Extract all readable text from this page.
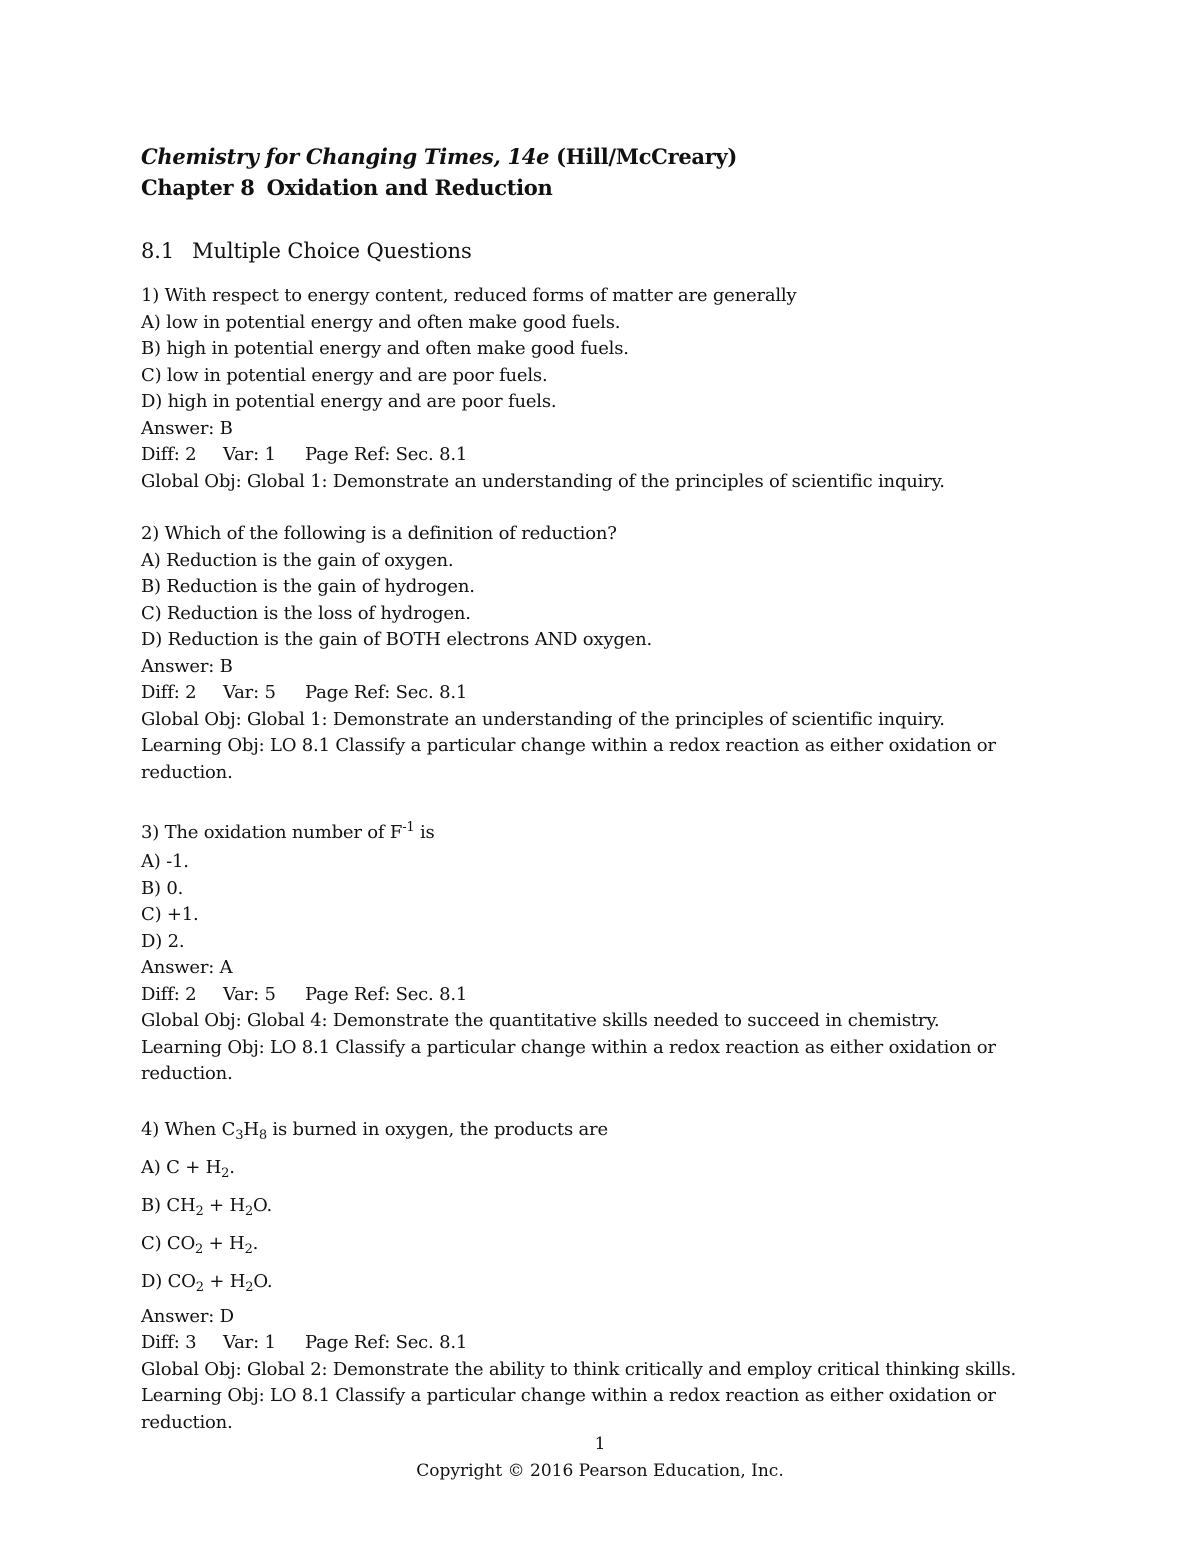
Chemistry for Changing Times, 14e (Hill/McCreary)
Chapter 8 Oxidation and Reduction
8.1 Multiple Choice Questions
1) With respect to energy content, reduced forms of matter are generally
A) low in potential energy and often make good fuels.
B) high in potential energy and often make good fuels.
C) low in potential energy and are poor fuels.
D) high in potential energy and are poor fuels.
Answer: B
Diff: 2 Var: 1 Page Ref: Sec. 8.1
Global Obj: Global 1: Demonstrate an understanding of the principles of scientific inquiry.
2) Which of the following is a definition of reduction?
A) Reduction is the gain of oxygen.
B) Reduction is the gain of hydrogen.
C) Reduction is the loss of hydrogen.
D) Reduction is the gain of BOTH electrons AND oxygen.
Answer: B
Diff: 2 Var: 5 Page Ref: Sec. 8.1
Global Obj: Global 1: Demonstrate an understanding of the principles of scientific inquiry.
Learning Obj: LO 8.1 Classify a particular change within a redox reaction as either oxidation or reduction.
3) The oxidation number of $F^{-1}$ is
A) -1.
B) 0.
C) +1.
D) 2.
Answer: A
Diff: 2 Var: 5 Page Ref: Sec. 8.1
Global Obj: Global 4: Demonstrate the quantitative skills needed to succeed in chemistry.
Learning Obj: LO 8.1 Classify a particular change within a redox reaction as either oxidation or reduction.
4) When $C_3H_8$ is burned in oxygen, the products are
A) $C + H_2$.
B) $CH_2 + H_2O$.
C) $CO_2 + H_2$.
D) $CO_2 + H_2O$.
Answer: D
Diff: 3 Var: 1 Page Ref: Sec. 8.1
Global Obj: Global 2: Demonstrate the ability to think critically and employ critical thinking skills.
Learning Obj: LO 8.1 Classify a particular change within a redox reaction as either oxidation or reduction.
1
Copyright © 2016 Pearson Education, Inc.
